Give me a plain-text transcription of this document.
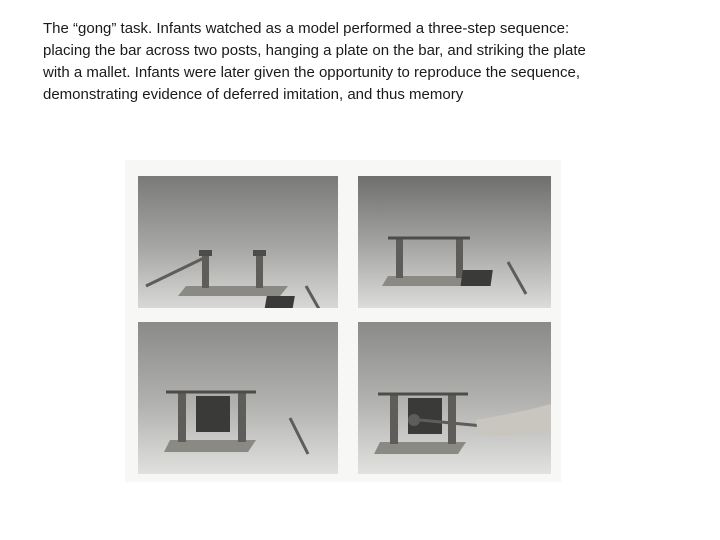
The “gong” task. Infants watched as a model performed a three-step sequence:
placing the bar across two posts, hanging a plate on the bar, and striking the plate
with a mallet. Infants were later given the opportunity to reproduce the sequence,
demonstrating evidence of deferred imitation, and thus memory
